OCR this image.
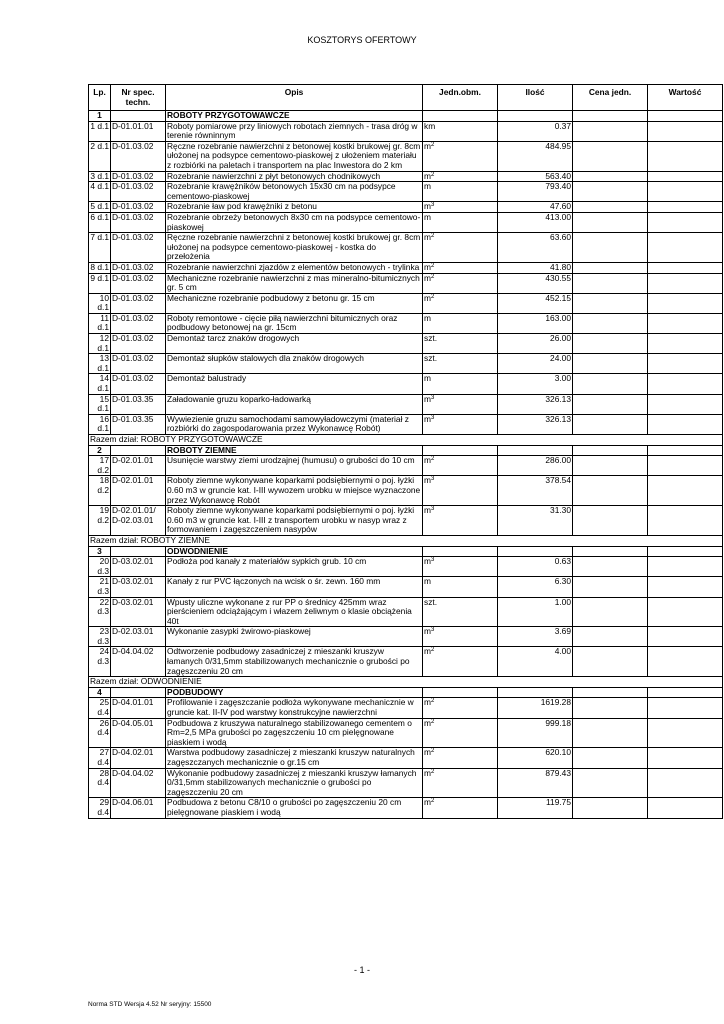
KOSZTORYS OFERTOWY
Lp.	Nr spec. techn.	Opis	Jedn.obm.	Ilość	Cena jedn.	Wartość
1		ROBOTY PRZYGOTOWAWCZE				
1 d.1	D-01.01.01	Roboty pomiarowe przy liniowych robotach ziemnych - trasa dróg w terenie równinnym	km	0.37		
2 d.1	D-01.03.02	Ręczne rozebranie nawierzchni z betonowej kostki brukowej gr. 8cm ułożonej na podsypce cementowo-piaskowej z ułożeniem materiału z rozbiórki na paletach i transportem na plac Inwestora do 2 km	$m^2$	484.95		
3 d.1	D-01.03.02	Rozebranie nawierzchni z płyt betonowych chodnikowych	$m^2$	563.40		
4 d.1	D-01.03.02	Rozebranie krawężników betonowych 15x30 cm na podsypce cementowo-piaskowej	m	793.40		
5 d.1	D-01.03.02	Rozebranie ław pod krawężniki z betonu	$m^3$	47.60		
6 d.1	D-01.03.02	Rozebranie obrzeży betonowych 8x30 cm na podsypce cementowo-piaskowej	m	413.00		
7 d.1	D-01.03.02	Ręczne rozebranie nawierzchni z betonowej kostki brukowej gr. 8cm ułożonej na podsypce cementowo-piaskowej - kostka do przełożenia	$m^2$	63.60		
8 d.1	D-01.03.02	Rozebranie nawierzchni zjazdów z elementów betonowych - trylinka	$m^2$	41.80		
9 d.1	D-01.03.02	Mechaniczne rozebranie nawierzchni z mas mineralno-bitumicznych gr. 5 cm	$m^2$	430.55		
10 d.1	D-01.03.02	Mechaniczne rozebranie podbudowy z betonu gr. 15 cm	$m^2$	452.15		
11 d.1	D-01.03.02	Roboty remontowe - cięcie piłą nawierzchni bitumicznych oraz podbudowy betonowej na gr. 15cm	m	163.00		
12 d.1	D-01.03.02	Demontaż tarcz znaków drogowych	szt.	26.00		
13 d.1	D-01.03.02	Demontaż słupków stalowych dla znaków drogowych	szt.	24.00		
14 d.1	D-01.03.02	Demontaż balustrady	m	3.00		
15 d.1	D-01.03.35	Załadowanie gruzu koparko-ładowarką	$m^3$	326.13		
16 d.1	D-01.03.35	Wywiezienie gruzu samochodami samowyładowczymi (materiał z rozbiórki do zagospodarowania przez Wykonawcę Robót)	$m^3$	326.13		
Razem dział: ROBOTY PRZYGOTOWAWCZE						
2		ROBOTY ZIEMNE				
17 d.2	D-02.01.01	Usunięcie warstwy ziemi urodzajnej (humusu) o grubości do 10 cm	$m^2$	286.00		
18 d.2	D-02.01.01	Roboty ziemne wykonywane koparkami podsiębiernymi o poj. łyżki 0.60 m3 w gruncie kat. I-III wywozem urobku w miejsce wyznaczone przez Wykonawcę Robót	$m^3$	378.54		
19 d.2	D-02.01.01/ D-02.03.01	Roboty ziemne wykonywane koparkami podsiębiernymi o poj. łyżki 0.60 m3 w gruncie kat. I-III z transportem urobku w nasyp wraz z formowaniem i zagęszczeniem nasypów	$m^3$	31.30		
Razem dział: ROBOTY ZIEMNE						
3		ODWODNIENIE				
20 d.3	D-03.02.01	Podłoża pod kanały z materiałów sypkich grub. 10 cm	$m^3$	0.63		
21 d.3	D-03.02.01	Kanały z rur PVC łączonych na wcisk o śr. zewn. 160 mm	m	6.30		
22 d.3	D-03.02.01	Wpusty uliczne wykonane z rur PP o średnicy 425mm wraz pierścieniem odciążającym i włazem żeliwnym o klasie obciążenia 40t	szt.	1.00		
23 d.3	D-02.03.01	Wykonanie zasypki żwirowo-piaskowej	$m^3$	3.69		
24 d.3	D-04.04.02	Odtworzenie podbudowy zasadniczej z mieszanki kruszyw łamanych 0/31,5mm stabilizowanych mechanicznie o grubości po zagęszczeniu 20 cm	$m^2$	4.00		
Razem dział: ODWODNIENIE						
4		PODBUDOWY				
25 d.4	D-04.01.01	Profilowanie i zagęszczanie podłoża wykonywane mechanicznie w gruncie kat. II-IV pod warstwy konstrukcyjne nawierzchni	$m^2$	1619.28		
26 d.4	D-04.05.01	Podbudowa z kruszywa naturalnego stabilizowanego cementem o Rm=2,5 MPa grubości po zagęszczeniu 10 cm pielęgnowane piaskiem i wodą	$m^2$	999.18		
27 d.4	D-04.02.01	Warstwa podbudowy zasadniczej z mieszanki kruszyw naturalnych zagęszczanych mechanicznie o gr.15 cm	$m^2$	620.10		
28 d.4	D-04.04.02	Wykonanie podbudowy zasadniczej z mieszanki kruszyw łamanych 0/31,5mm stabilizowanych mechanicznie o grubości po zagęszczeniu 20 cm	$m^2$	879.43		
29 d.4	D-04.06.01	Podbudowa z betonu C8/10 o grubości po zagęszczeniu 20 cm pielęgnowane piaskiem i wodą	$m^2$	119.75		
- 1 -
Norma STD Wersja 4.52 Nr seryjny: 15500
